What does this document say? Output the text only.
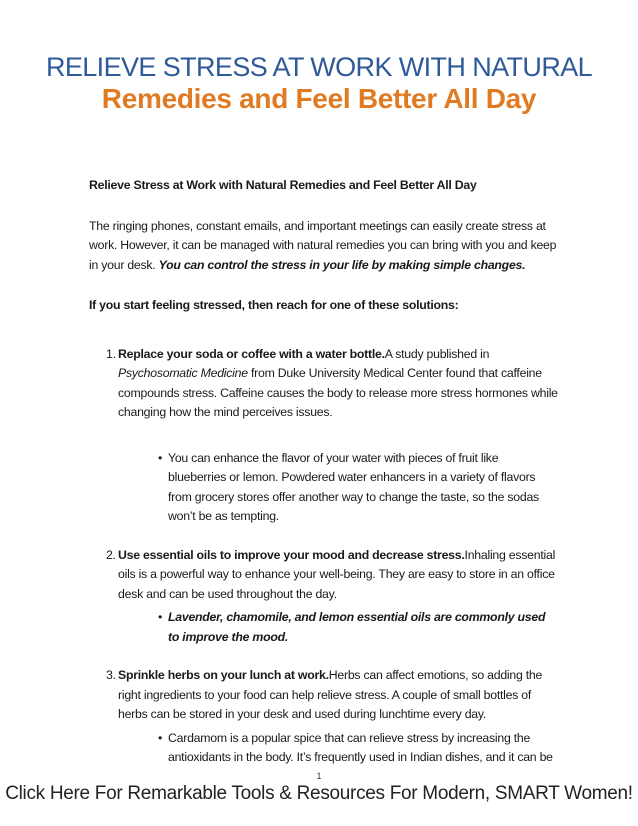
RELIEVE STRESS AT WORK WITH NATURAL
Remedies and Feel Better All Day

Relieve Stress at Work with Natural Remedies and Feel Better All Day

The ringing phones, constant emails, and important meetings can easily create stress at work. However, it can be managed with natural remedies you can bring with you and keep in your desk. You can control the stress in your life by making simple changes.

If you start feeling stressed, then reach for one of these solutions:

1. Replace your soda or coffee with a water bottle.A study published in Psychosomatic Medicine from Duke University Medical Center found that caffeine compounds stress. Caffeine causes the body to release more stress hormones while changing how the mind perceives issues.

• You can enhance the flavor of your water with pieces of fruit like blueberries or lemon. Powdered water enhancers in a variety of flavors from grocery stores offer another way to change the taste, so the sodas won’t be as tempting.
2. Use essential oils to improve your mood and decrease stress.Inhaling essential oils is a powerful way to enhance your well-being. They are easy to store in an office desk and can be used throughout the day.

• Lavender, chamomile, and lemon essential oils are commonly used to improve the mood.
3. Sprinkle herbs on your lunch at work.Herbs can affect emotions, so adding the right ingredients to your food can help relieve stress. A couple of small bottles of herbs can be stored in your desk and used during lunchtime every day.

• Cardamom is a popular spice that can relieve stress by increasing the antioxidants in the body. It’s frequently used in Indian dishes, and it can be
1
Click Here For Remarkable Tools & Resources For Modern, SMART Women!
